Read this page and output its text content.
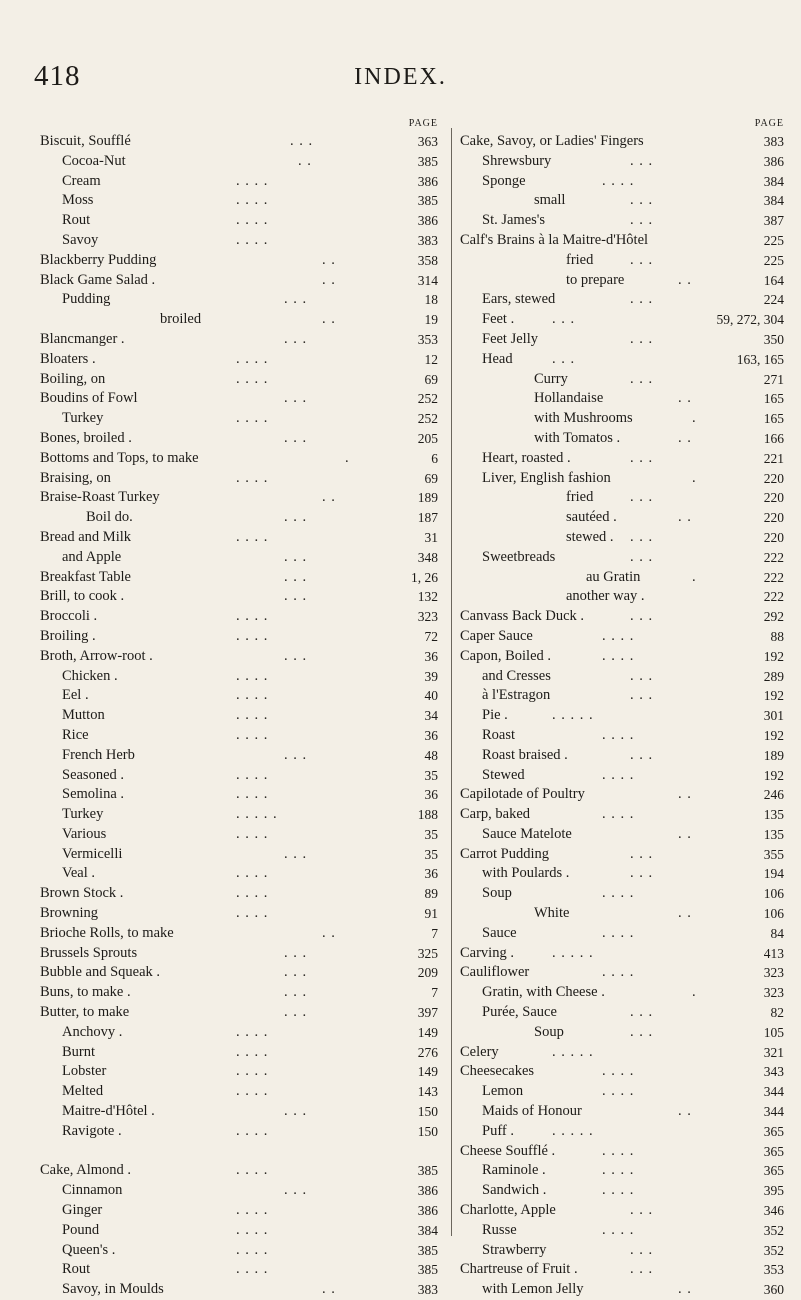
418	INDEX.
PAGE
Biscuit, Soufflé	. . .	363
Cocoa-Nut	. .	385
Cream	. . . .	386
Moss	. . . .	385
Rout	. . . .	386
Savoy	. . . .	383
Blackberry Pudding	. .	358
Black Game Salad .	. .	314
Pudding	. . .	18
broiled	. .	19
Blancmanger .	. . .	353
Bloaters .	. . . .	12
Boiling, on	. . . .	69
Boudins of Fowl	. . .	252
Turkey	. . . .	252
Bones, broiled .	. . .	205
Bottoms and Tops, to make	.	6
Braising, on	. . . .	69
Braise-Roast Turkey	. .	189
Boil do.	. . .	187
Bread and Milk	. . . .	31
and Apple	. . .	348
Breakfast Table	. . .	1, 26
Brill, to cook .	. . .	132
Broccoli .	. . . .	323
Broiling .	. . . .	72
Broth, Arrow-root .	. . .	36
Chicken .	. . . .	39
Eel .	. . . .	40
Mutton	. . . .	34
Rice	. . . .	36
French Herb	. . .	48
Seasoned .	. . . .	35
Semolina .	. . . .	36
Turkey	. . . . .	188
Various	. . . .	35
Vermicelli	. . .	35
Veal .	. . . .	36
Brown Stock .	. . . .	89
Browning	. . . .	91
Brioche Rolls, to make	. .	7
Brussels Sprouts	. . .	325
Bubble and Squeak .	. . .	209
Buns, to make .	. . .	7
Butter, to make	. . .	397
Anchovy .	. . . .	149
Burnt	. . . .	276
Lobster	. . . .	149
Melted	. . . .	143
Maitre-d'Hôtel .	. . .	150
Ravigote .	. . . .	150
Cake, Almond .	. . . .	385
Cinnamon	. . .	386
Ginger	. . . .	386
Pound	. . . .	384
Queen's .	. . . .	385
Rout	. . . .	385
Savoy, in Moulds	. .	383
PAGE
Cake, Savoy, or Ladies' Fingers	383
Shrewsbury	. . .	386
Sponge	. . . .	384
small	. . .	384
St. James's	. . .	387
Calf's Brains à la Maitre-d'Hôtel	225
fried	. . .	225
to prepare	. .	164
Ears, stewed	. . .	224
Feet .	. . .	59, 272, 304
Feet Jelly	. . .	350
Head	. . .	163, 165
Curry	. . .	271
Hollandaise	. .	165
with Mushrooms	.	165
with Tomatos .	. .	166
Heart, roasted .	. . .	221
Liver, English fashion	.	220
fried	. . .	220
sautéed .	. .	220
stewed . . . .	220
Sweetbreads	. . .	222
au Gratin	.	222
another way .	222
Canvass Back Duck .	. . .	292
Caper Sauce	. . . .	88
Capon, Boiled .	. . . .	192
and Cresses	. . .	289
à l'Estragon	. . .	192
Pie .	. . . . .	301
Roast	. . . .	192
Roast braised .	. . .	189
Stewed	. . . .	192
Capilotade of Poultry	. .	246
Carp, baked	. . . .	135
Sauce Matelote	. .	135
Carrot Pudding	. . .	355
with Poulards .	. . .	194
Soup	. . . .	106
White	. .	106
Sauce	. . . .	84
Carving .	. . . . .	413
Cauliflower	. . . .	323
Gratin, with Cheese .	.	323
Purée, Sauce	. . .	82
Soup	. . .	105
Celery	. . . . .	321
Cheesecakes	. . . .	343
Lemon	. . . .	344
Maids of Honour	. .	344
Puff .	. . . . .	365
Cheese Soufflé .	. . . .	365
Raminole .	. . . .	365
Sandwich .	. . . .	395
Charlotte, Apple	. . .	346
Russe	. . . .	352
Strawberry	. . .	352
Chartreuse of Fruit .	. . .	353
with Lemon Jelly	. .	360
